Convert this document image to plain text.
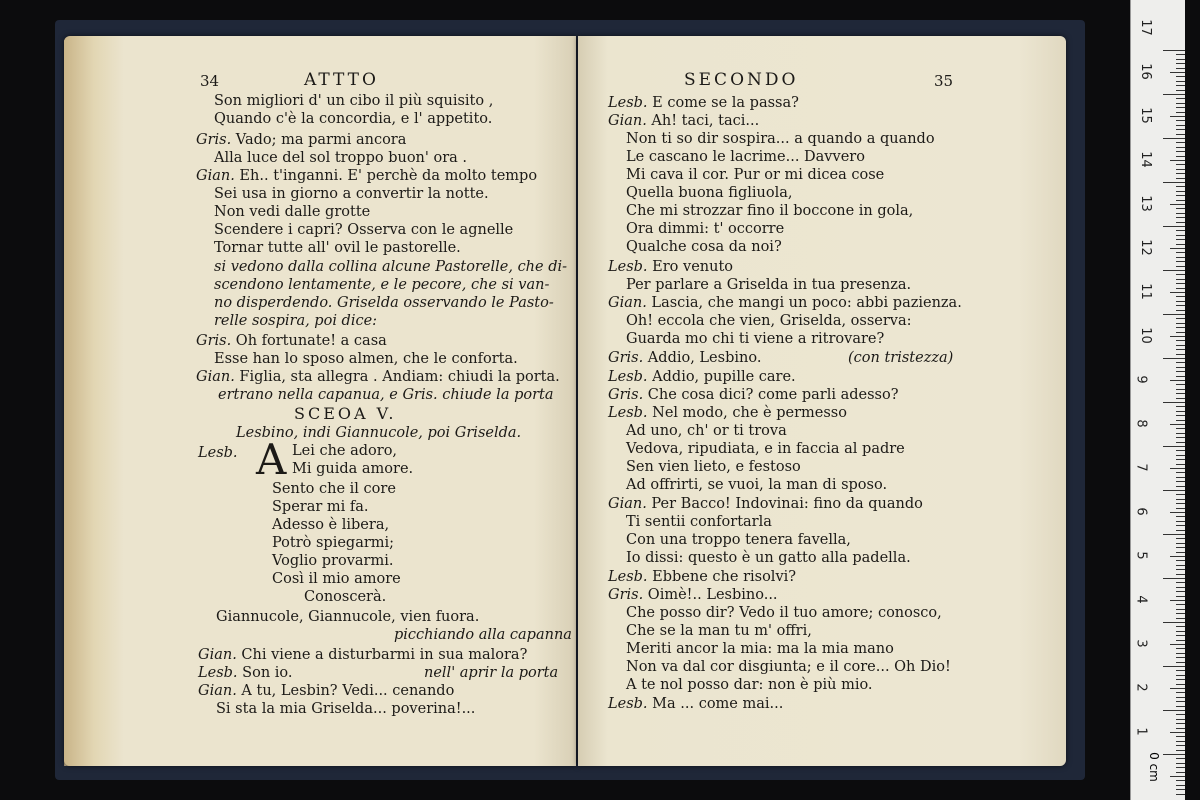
34	ATTTO
Son migliori d' un cibo il più squisito ,
Quando c'è la concordia, e l' appetito.
Gris. Vado; ma parmi ancora
Alla luce del sol troppo buon' ora .
Gian. Eh.. t'inganni. E' perchè da molto tempo
Sei usa in giorno a convertir la notte.
Non vedi dalle grotte
Scendere i capri? Osserva con le agnelle
Tornar tutte all' ovil le pastorelle.
si vedono dalla collina alcune Pastorelle, che di-
scendono lentamente, e le pecore, che si van-
no disperdendo. Griselda osservando le Pasto-
relle sospira, poi dice:
Gris. Oh fortunate! a casa
Esse han lo sposo almen, che le conforta.
Gian. Figlia, sta allegra . Andiam: chiudi la porta.
ertrano nella capanua, e Gris. chiude la porta
SCEOA V.
Lesbino, indi Giannucole, poi Griselda.
Lesb. A Lei che adoro,
Mi guida amore.
Sento che il core
Sperar mi fa.
Adesso è libera,
Potrò spiegarmi;
Voglio provarmi.
Così il mio amore
Conoscerà.
Giannucole, Giannucole, vien fuora.
picchiando alla capanna
Gian. Chi viene a disturbarmi in sua malora?
Lesb. Son io.	nell' aprir la porta
Gian. A tu, Lesbin? Vedi... cenando
Si sta la mia Griselda... poverina!...
SECONDO	35
Lesb. E come se la passa?
Gian. Ah! taci, taci...
Non ti so dir sospira... a quando a quando
Le cascano le lacrime... Davvero
Mi cava il cor. Pur or mi dicea cose
Quella buona figliuola,
Che mi strozzar fino il boccone in gola,
Ora dimmi: t' occorre
Qualche cosa da noi?
Lesb. Ero venuto
Per parlare a Griselda in tua presenza.
Gian. Lascia, che mangi un poco: abbi pazienza.
Oh! eccola che vien, Griselda, osserva:
Guarda mo chi ti viene a ritrovare?
Gris. Addio, Lesbino.	(con tristezza)
Lesb. Addio, pupille care.
Gris. Che cosa dici? come parli adesso?
Lesb. Nel modo, che è permesso
Ad uno, ch' or ti trova
Vedova, ripudiata, e in faccia al padre
Sen vien lieto, e festoso
Ad offrirti, se vuoi, la man di sposo.
Gian. Per Bacco! Indovinai: fino da quando
Ti sentii confortarla
Con una troppo tenera favella,
Io dissi: questo è un gatto alla padella.
Lesb. Ebbene che risolvi?
Gris. Oimè!.. Lesbino...
Che posso dir? Vedo il tuo amore; conosco,
Che se la man tu m' offri,
Meriti ancor la mia: ma la mia mano
Non va dal cor disgiunta; e il core... Oh Dio!
A te nol posso dar: non è più mio.
Lesb. Ma ... come mai...
0 cm
17
16
15
14
13
12
11
10
9
8
7
6
5
4
3
2
1
